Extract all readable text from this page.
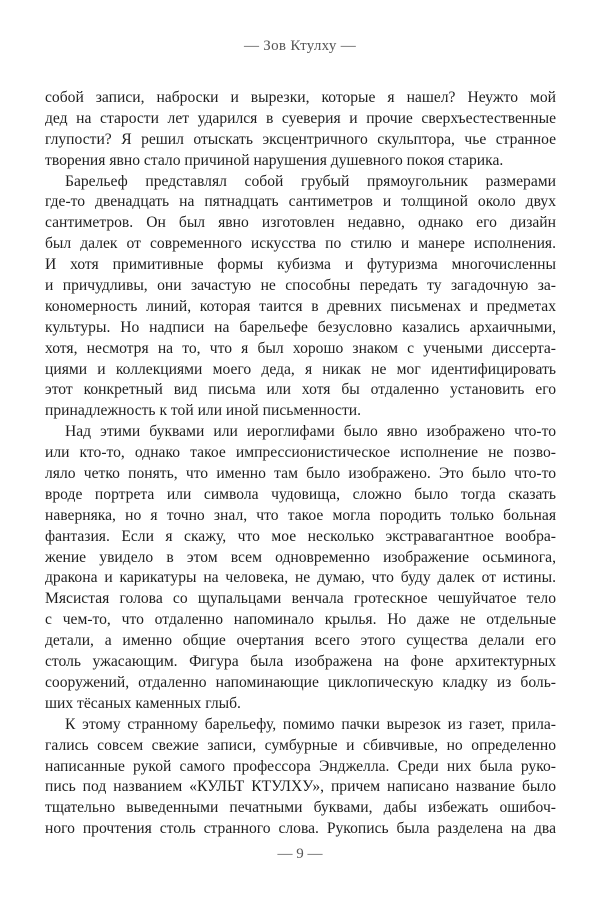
— Зов Ктулху —
собой записи, наброски и вырезки, которые я нашел? Неужто мой
дед на старости лет ударился в суеверия и прочие сверхъестественные
глупости? Я решил отыскать эксцентричного скульптора, чье странное
творения явно стало причиной нарушения душевного покоя старика.
Барельеф представлял собой грубый прямоугольник размерами
где-то двенадцать на пятнадцать сантиметров и толщиной около двух
сантиметров. Он был явно изготовлен недавно, однако его дизайн
был далек от современного искусства по стилю и манере исполнения.
И хотя примитивные формы кубизма и футуризма многочисленны
и причудливы, они зачастую не способны передать ту загадочную за-
кономерность линий, которая таится в древних письменах и предметах
культуры. Но надписи на барельефе безусловно казались архаичными,
хотя, несмотря на то, что я был хорошо знаком с учеными диссерта-
циями и коллекциями моего деда, я никак не мог идентифицировать
этот конкретный вид письма или хотя бы отдаленно установить его
принадлежность к той или иной письменности.
Над этими буквами или иероглифами было явно изображено что-то
или кто-то, однако такое импрессионистическое исполнение не позво-
ляло четко понять, что именно там было изображено. Это было что-то
вроде портрета или символа чудовища, сложно было тогда сказать
наверняка, но я точно знал, что такое могла породить только больная
фантазия. Если я скажу, что мое несколько экстравагантное вообра-
жение увидело в этом всем одновременно изображение осьминога,
дракона и карикатуры на человека, не думаю, что буду далек от истины.
Мясистая голова со щупальцами венчала гротескное чешуйчатое тело
с чем-то, что отдаленно напоминало крылья. Но даже не отдельные
детали, а именно общие очертания всего этого существа делали его
столь ужасающим. Фигура была изображена на фоне архитектурных
сооружений, отдаленно напоминающие циклопическую кладку из боль-
ших тёсаных каменных глыб.
К этому странному барельефу, помимо пачки вырезок из газет, прила-
гались совсем свежие записи, сумбурные и сбивчивые, но определенно
написанные рукой самого профессора Энджелла. Среди них была руко-
пись под названием «КУЛЬТ КТУЛХУ», причем написано название было
тщательно выведенными печатными буквами, дабы избежать ошибоч-
ного прочтения столь странного слова. Рукопись была разделена на два
— 9 —
